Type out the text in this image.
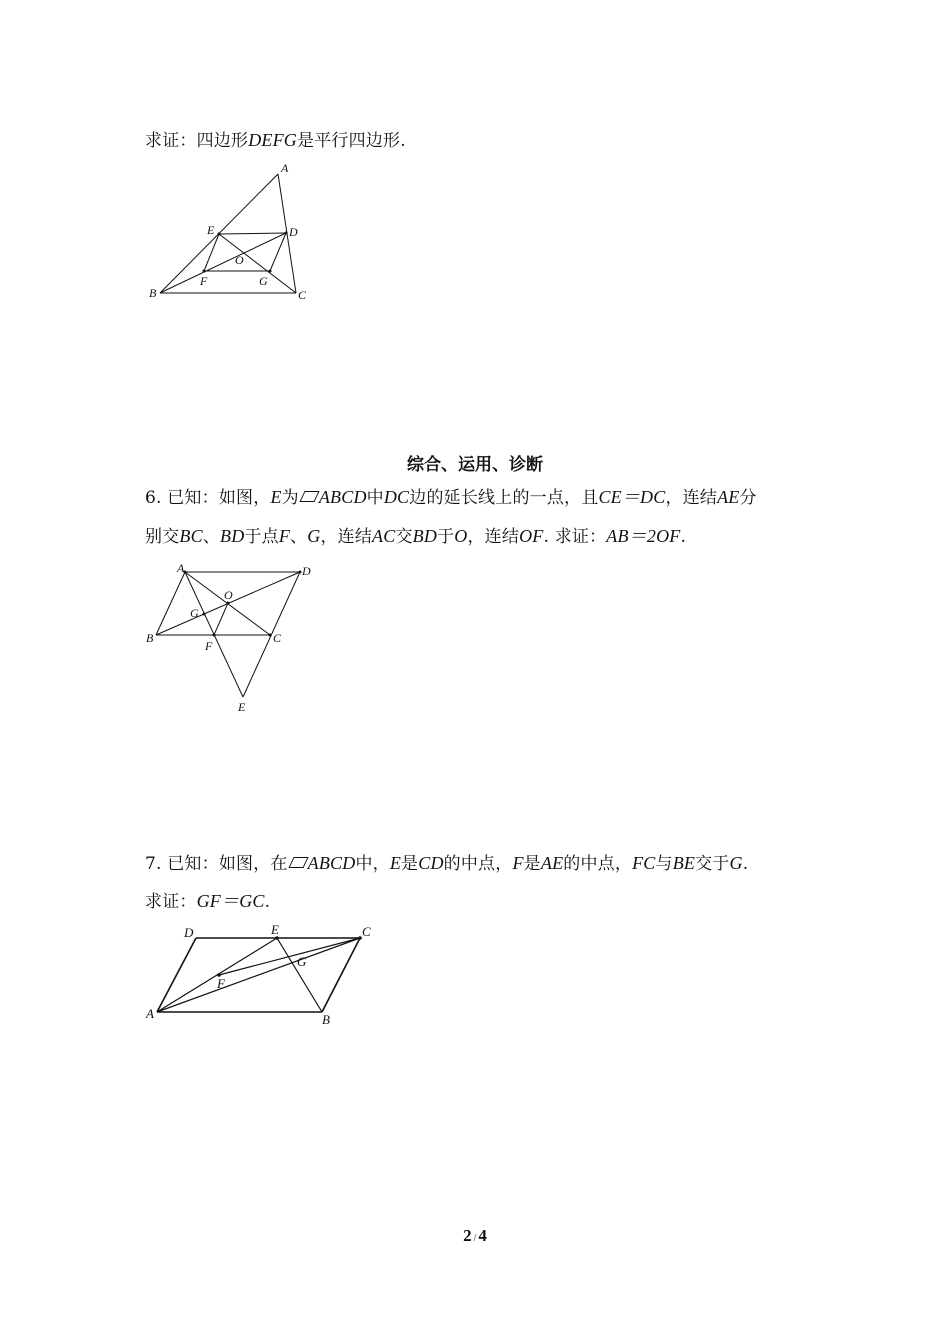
求证：四边形DEFG是平行四边形.
A
E	D
O
F	G
B	C
综合、运用、诊断
6. 已知：如图，E为 ABCD中DC边的延长线上的一点，且CE＝DC，连结AE分
别交BC、BD于点F、G，连结AC交BD于O，连结OF. 求证：AB＝2OF.
A	D
O
G
B
F
C
E
7. 已知：如图，在 ABCD中，E是CD的中点，F是AE的中点，FC与BE交于G.
求证：GF＝GC.
D	E	C
G
F
A	B
2 / 4
